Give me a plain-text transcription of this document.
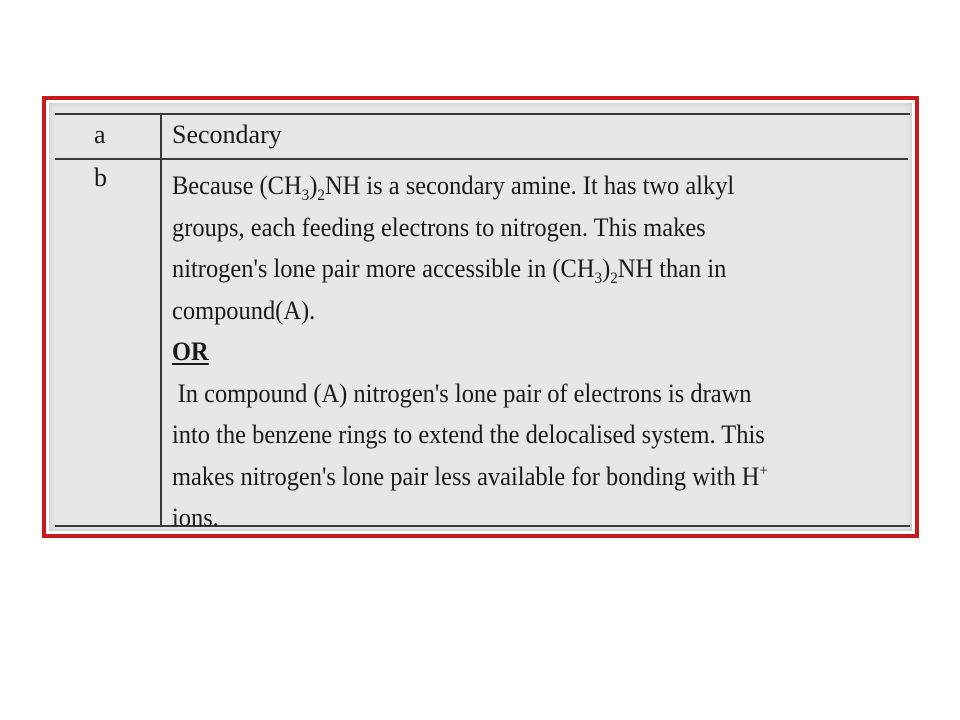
a	Secondary
b	Because $(CH_3)_2NH$ is a secondary amine. It has two alkyl
groups, each feeding electrons to nitrogen. This makes
nitrogen's lone pair more accessible in $(CH_3)_2NH$ than in
compound(A).
OR
In compound (A) nitrogen's lone pair of electrons is drawn
into the benzene rings to extend the delocalised system. This
makes nitrogen's lone pair less available for bonding with H+
ions.
